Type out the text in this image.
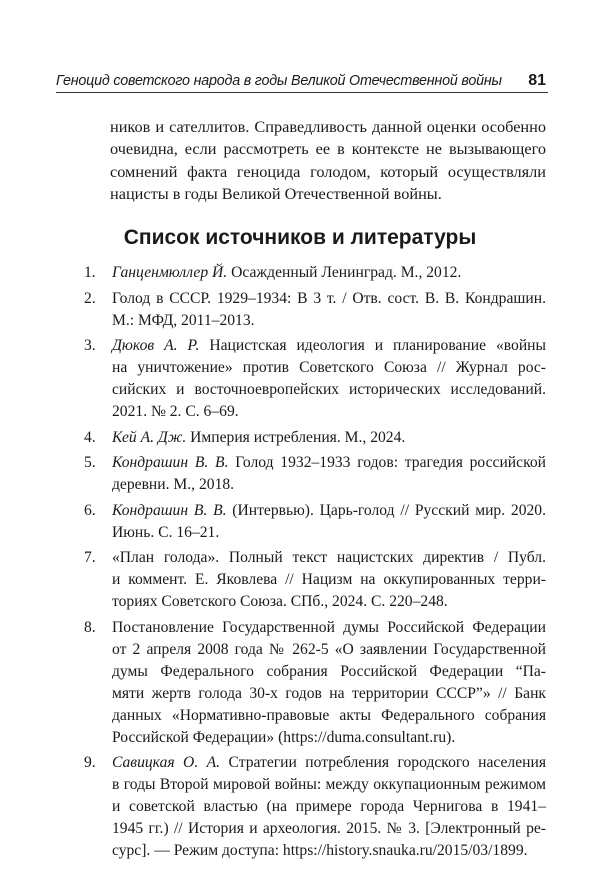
Геноцид советского народа в годы Великой Отечественной войны 81
ников и сателлитов. Справедливость данной оценки особенно
очевидна, если рассмотреть ее в контексте не вызывающего
сомнений факта геноцида голодом, который осуществляли
нацисты в годы Великой Отечественной войны.
Список источников и литературы
1.	Ганценмюллер Й. Осажденный Ленинград. М., 2012.
2.	Голод в СССР. 1929–1934: В 3 т. / Отв. сост. В. В. Кондрашин.
М.: МФД, 2011–2013.
3.	Дюков А. Р. Нацистская идеология и планирование «войны
на уничтожение» против Советского Союза // Журнал рос-
сийских и восточноевропейских исторических исследований.
2021. № 2. С. 6–69.
4.	Кей А. Дж. Империя истребления. М., 2024.
5.	Кондрашин В. В. Голод 1932–1933 годов: трагедия российской
деревни. М., 2018.
6.	Кондрашин В. В. (Интервью). Царь-голод // Русский мир. 2020.
Июнь. С. 16–21.
7.	«План голода». Полный текст нацистских директив / Публ.
и коммент. Е. Яковлева // Нацизм на оккупированных терри-
ториях Советского Союза. СПб., 2024. С. 220–248.
8.	Постановление Государственной думы Российской Федерации
от 2 апреля 2008 года № 262-5 «О заявлении Государственной
думы Федерального собрания Российской Федерации “Па-
мяти жертв голода 30-х годов на территории СССР”» // Банк
данных «Нормативно-правовые акты Федерального собрания
Российской Федерации» (https://duma.consultant.ru).
9.	Савицкая О. А. Стратегии потребления городского населения
в годы Второй мировой войны: между оккупационным режимом
и советской властью (на примере города Чернигова в 1941–
1945 гг.) // История и археология. 2015. № 3. [Электронный ре-
сурс]. — Режим доступа: https://history.snauka.ru/2015/03/1899.
